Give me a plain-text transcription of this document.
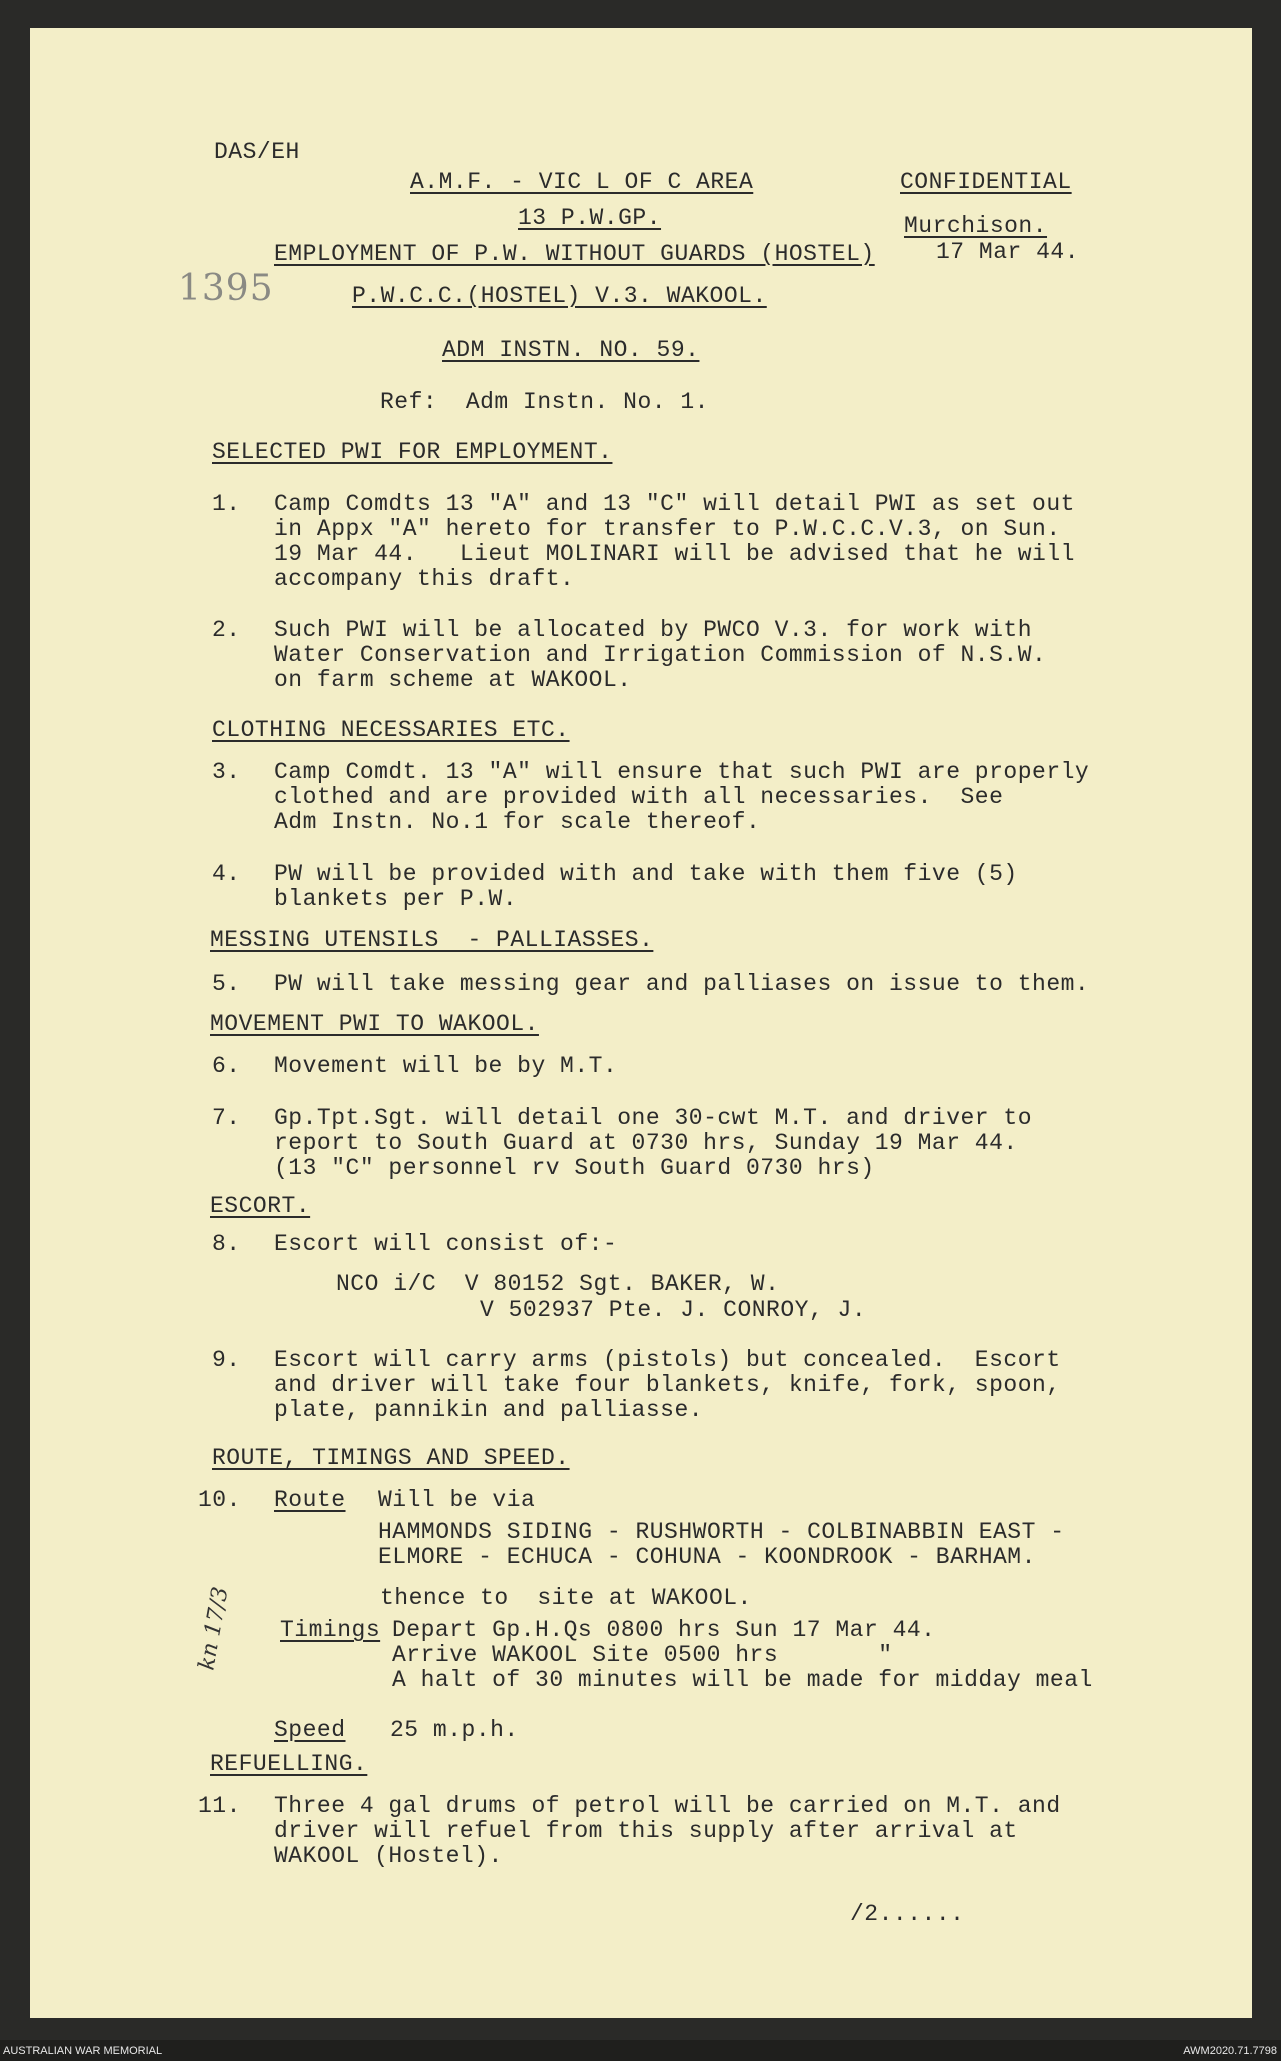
DAS/EH
A.M.F. - VIC L OF C AREA	CONFIDENTIAL
13 P.W.GP.	Murchison.
EMPLOYMENT OF P.W. WITHOUT GUARDS (HOSTEL)	17 Mar 44.
1395	P.W.C.C.(HOSTEL) V.3. WAKOOL.
ADM INSTN. NO. 59.
Ref:  Adm Instn. No. 1.
SELECTED PWI FOR EMPLOYMENT.
1. Camp Comdts 13 "A" and 13 "C" will detail PWI as set out
in Appx "A" hereto for transfer to P.W.C.C.V.3, on Sun.
19 Mar 44.   Lieut MOLINARI will be advised that he will
accompany this draft.
2. Such PWI will be allocated by PWCO V.3. for work with
Water Conservation and Irrigation Commission of N.S.W.
on farm scheme at WAKOOL.
CLOTHING NECESSARIES ETC.
3. Camp Comdt. 13 "A" will ensure that such PWI are properly
clothed and are provided with all necessaries.  See
Adm Instn. No.1 for scale thereof.
4. PW will be provided with and take with them five (5)
blankets per P.W.
MESSING UTENSILS  - PALLIASSES.
5. PW will take messing gear and palliases on issue to them.
MOVEMENT PWI TO WAKOOL.
6. Movement will be by M.T.
7. Gp.Tpt.Sgt. will detail one 30-cwt M.T. and driver to
report to South Guard at 0730 hrs, Sunday 19 Mar 44.
(13 "C" personnel rv South Guard 0730 hrs)
ESCORT.
8. Escort will consist of:-
NCO i/C  V 80152 Sgt. BAKER, W.
V 502937 Pte. J. CONROY, J.
9. Escort will carry arms (pistols) but concealed.  Escort
and driver will take four blankets, knife, fork, spoon,
plate, pannikin and palliasse.
ROUTE, TIMINGS AND SPEED.
10. Route Will be via
HAMMONDS SIDING - RUSHWORTH - COLBINABBIN EAST -
ELMORE - ECHUCA - COHUNA - KOONDROOK - BARHAM.
thence to  site at WAKOOL.
Timings Depart Gp.H.Qs 0800 hrs Sun 17 Mar 44.
Arrive WAKOOL Site 0500 hrs       "
A halt of 30 minutes will be made for midday meal
Speed 25 m.p.h.
REFUELLING.
11. Three 4 gal drums of petrol will be carried on M.T. and
driver will refuel from this supply after arrival at
WAKOOL (Hostel).
/2......
kn 17/3
AUSTRALIAN WAR MEMORIAL	AWM2020.71.7798
